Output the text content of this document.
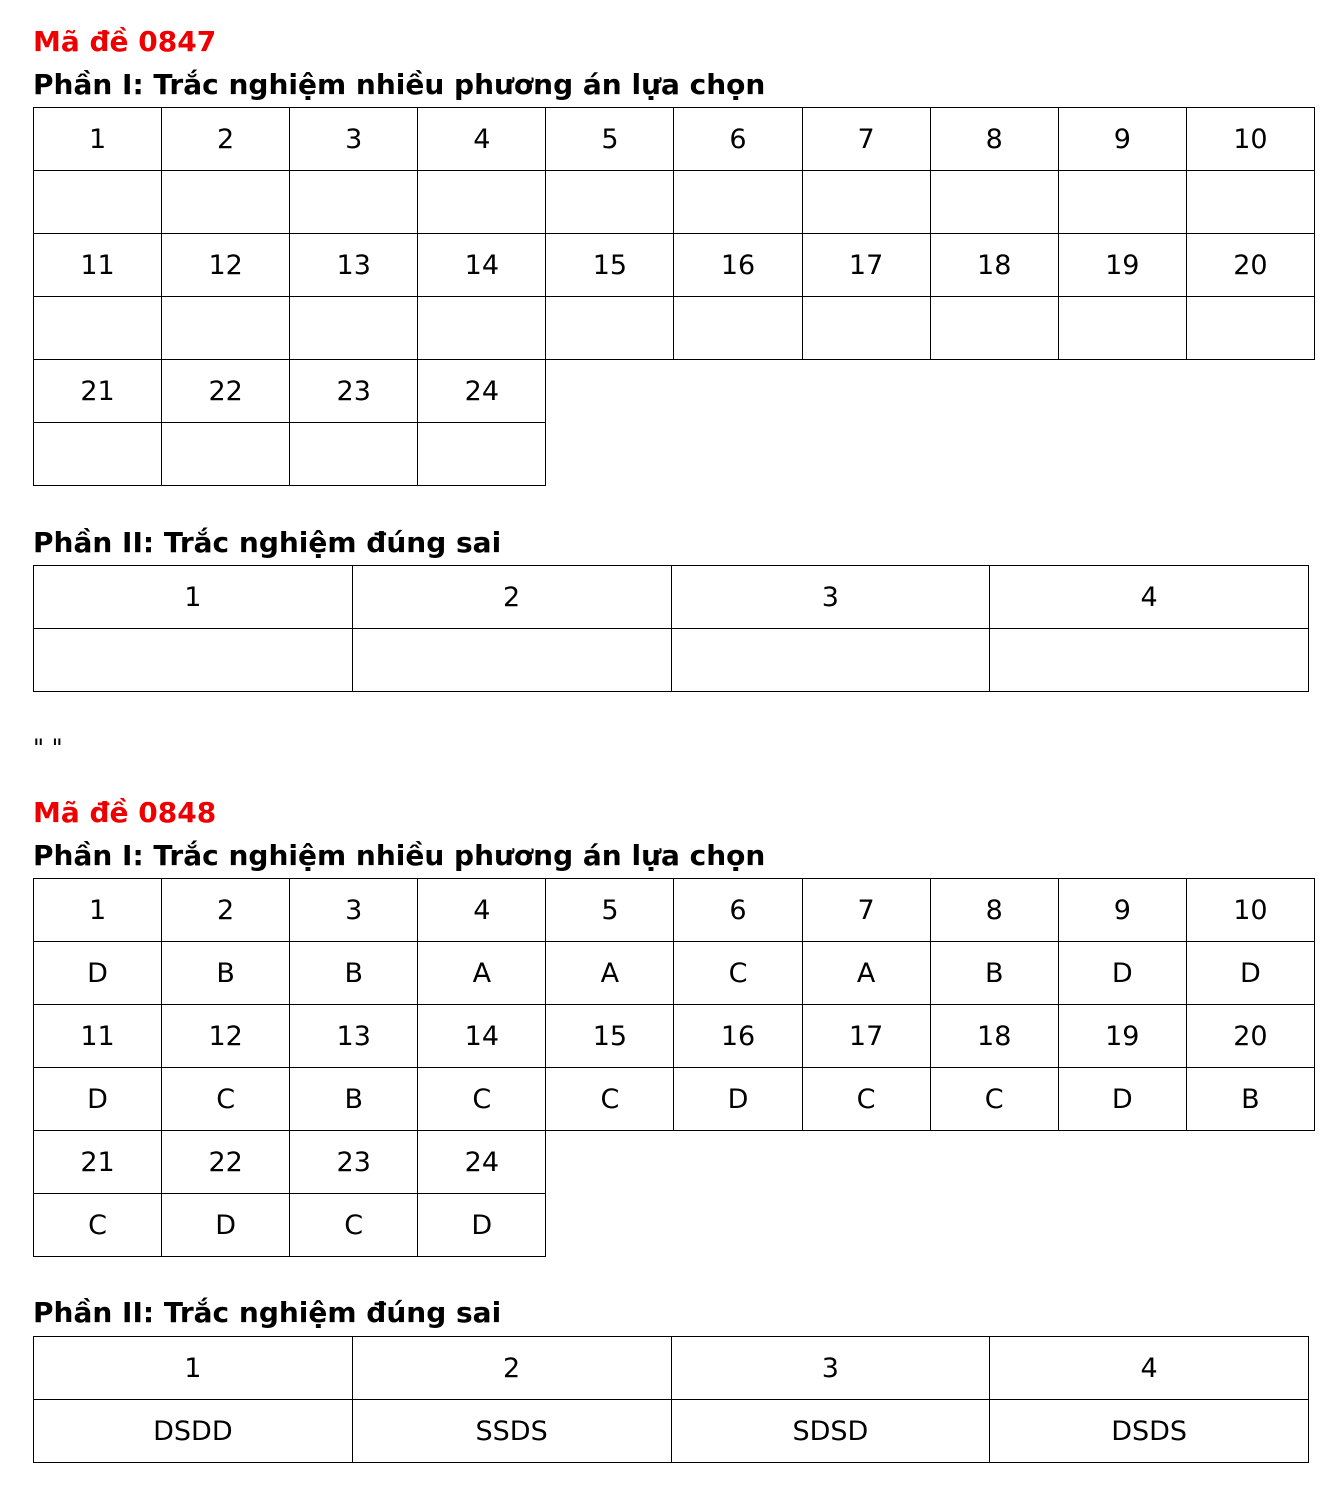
Mã đề 0847

Phần I: Trắc nghiệm nhiều phương án lựa chọn

1	2	3	4	5	6	7	8	9	10

11	12	13	14	15	16	17	18	19	20

21	22	23	24

Phần II: Trắc nghiệm đúng sai

1	2	3	4

" "

Mã đề 0848

Phần I: Trắc nghiệm nhiều phương án lựa chọn

1	2	3	4	5	6	7	8	9	10
D	B	B	A	A	C	A	B	D	D
11	12	13	14	15	16	17	18	19	20
D	C	B	C	C	D	C	C	D	B
21	22	23	24
C	D	C	D

Phần II: Trắc nghiệm đúng sai

1	2	3	4
DSDD	SSDS	SDSD	DSDS
